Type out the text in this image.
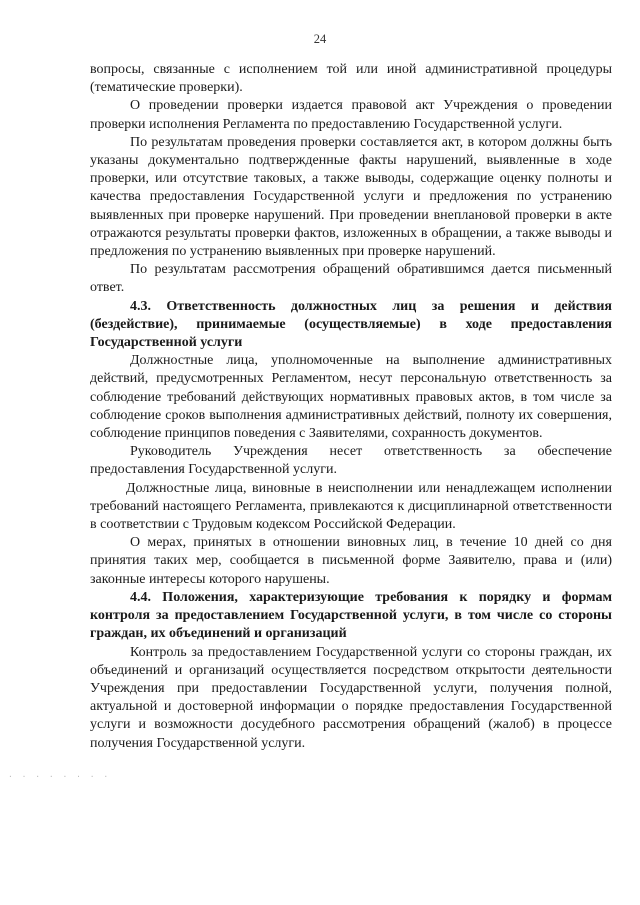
24

вопросы, связанные с исполнением той или иной административной процедуры (тематические проверки).

О проведении проверки издается правовой акт Учреждения о проведении проверки исполнения Регламента по предоставлению Государственной услуги.

По результатам проведения проверки составляется акт, в котором должны быть указаны документально подтвержденные факты нарушений, выявленные в ходе проверки, или отсутствие таковых, а также выводы, содержащие оценку полноты и качества предоставления Государственной услуги и предложения по устранению выявленных при проверке нарушений. При проведении внеплановой проверки в акте отражаются результаты проверки фактов, изложенных в обращении, а также выводы и предложения по устранению выявленных при проверке нарушений.

По результатам рассмотрения обращений обратившимся дается письменный ответ.

4.3. Ответственность должностных лиц за решения и действия (бездействие), принимаемые (осуществляемые) в ходе предоставления Государственной услуги

Должностные лица, уполномоченные на выполнение административных действий, предусмотренных Регламентом, несут персональную ответственность за соблюдение требований действующих нормативных правовых актов, в том числе за соблюдение сроков выполнения административных действий, полноту их совершения, соблюдение принципов поведения с Заявителями, сохранность документов.

Руководитель Учреждения несет ответственность за обеспечение предоставления Государственной услуги.

Должностные лица, виновные в неисполнении или ненадлежащем исполнении требований настоящего Регламента, привлекаются к дисциплинарной ответственности в соответствии с Трудовым кодексом Российской Федерации.

О мерах, принятых в отношении виновных лиц, в течение 10 дней со дня принятия таких мер, сообщается в письменной форме Заявителю, права и (или) законные интересы которого нарушены.

4.4. Положения, характеризующие требования к порядку и формам контроля за предоставлением Государственной услуги, в том числе со стороны граждан, их объединений и организаций

Контроль за предоставлением Государственной услуги со стороны граждан, их объединений и организаций осуществляется посредством открытости деятельности Учреждения при предоставлении Государственной услуги, получения полной, актуальной и достоверной информации о порядке предоставления Государственной услуги и возможности досудебного рассмотрения обращений (жалоб) в процессе получения Государственной услуги.

· · · · · · · ·
